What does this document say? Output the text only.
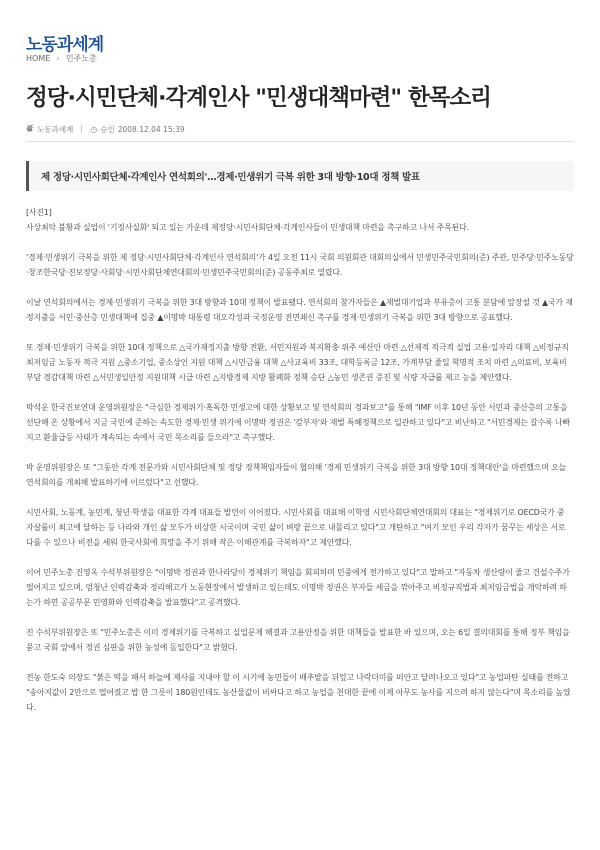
노동과세계
HOME › 민주노총
정당·시민단체·각계인사 "민생대책마련" 한목소리
⛇ 노동과세계 ◷ 승인 2008.12.04 15:39
제 정당·시민사회단체·각계인사 연석회의'…경제·민생위기 극복 위한 3대 방향·10대 정책 발표

[사진1]

사상최악 불황과 실업이 '기정사실화' 되고 있는 가운데 제정당·시민사회단체·각계인사들이 민생대책 마련을 촉구하고 나서 주목된다.

'경제·민생위기 극복을 위한 제 정당·시민사회단체·각계인사 연석회의'가 4일 오전 11시 국회 의원회관 대회의실에서 민생민주국민회의(준) 주관, 민주당·민주노동당·창조한국당·진보정당·사회당·시민사회단체연대회의·민생민주국민회의(준) 공동주최로 열렸다.

이날 연석회의에서는 경제·민생위기 극복을 위한 3대 방향과 10대 정책이 발표됐다. 연석회의 참가자들은 ▲재벌대기업과 부유층이 고통 분담에 앞장설 것 ▲국가 재정지출을 서민·중산층 민생대책에 집중 ▲이명박 대통령 대오각성과 국정운영 전면쇄신 촉구를 경제·민생위기 극복을 위한 3대 방향으로 공표했다.

또 경제·민생위기 극복을 위한 10대 정책으로 △국가재정지출 방향 전환, 서민지원과 복지확충 위주 예산안 마련 △선제적 적극적 실업 고용·일자리 대책 △비정규직 최저임금 노동자 적극 지원 △중소기업, 중소상인 지원 대책 △시민금융 대책 △사교육비 33조, 대학등록금 12조, 가계부담 줄일 혁명적 조치 마련 △의료비, 보육비 부담 경감대책 마련 △서민생일안정 지원대책 시급 마련 △지방경제 지방 활폐화 정책 승단 △농민 생존권 증진 및 식량 자급률 제고 능을 제안했다.

박석운 한국진보연대 운영위원장은 "극심한 경제위기·혹독한 민생고에 대한 상황보고 및 연석회의 경과보고"를 통해 "IMF 이후 10년 동안 서민과 중산층의 고통을 선단해 온 상황에서 지금 국민에 준하는 속도한 경제·민생 위기에 이명박 정권은 '감부자'와 재벌 특혜정책으로 일관하고 있다"고 비난하고 "서민경제는 갈수록 나빠지고 환율급등 사태가 계속되는 속에서 국민 목소리를 들으라"고 촉구했다.

박 운영위원장은 또 "그동안 각계 전문가와 시민사회단체 및 정당 정책책임자들이 협의해 '경제 민생위기 극복을 위한 3대 방향 10대 정책대안'을 마련했으며 오늘 연석회의를 개최해 발표하기에 이르렀다"고 선했다.

시민사회, 노동계, 농민계, 청년·학생을 대표한 각계 대표들 발언이 이어졌다. 시민사회를 대표해 이학영 시민사회단체연대회의 대표는 "경제위기로 OECD국가 중 자살률이 최고에 달하는 등 나라와 개인 삶 모두가 비상한 시국이며 국민 삶이 벼랑 끝으로 내몰리고 있다"고 개탄하고 "여기 모인 우리 각자가 꿈꾸는 세상은 서로 다를 수 있으나 비전을 세워 한국사회에 희망을 주기 위해 작은 이해관계를 극복하자"고 제안했다.

이어 민주노총 진영옥 수석부위원장은 "이명박 정권과 한나라당이 경제위기 책임을 회피하며 민중에게 전가하고 있다"고 말하고 "자동차 생산량이 줄고 건설수주가 떨어지고 있으며, 엄청난 인력감축과 정리해고가 노동현장에서 발생하고 있는데도 이명박 정권은 부자들 세금을 깎아주고 비정규직법과 최저임금법을 개악하려 하는가 하면 공공부문 민영화와 인력감축을 발표했다"고 공격했다.

진 수석부위원장은 또 "민주노총은 이미 경제위기를 극복하고 실업문제 해결과 고용안정을 위한 대책들을 발표한 바 있으며, 오는 6일 결의대회를 통해 정부 책임을 묻고 국회 앞에서 정권 심판을 위한 농성에 돌입한다"고 밝혔다.

전농 한도숙 의장도 "붉은 떡을 해서 하늘에 제사를 지내야 할 이 시기에 농민들이 배추밭을 뒤엎고 나락더미를 떠안고 달려나오고 있다"고 농업파탄 실태를 전하고 "송아지값이 2만으로 떨어졌고 밥 한 그릇이 180원인데도 농산물값이 비싸다고 하고 농업을 천대한 끝에 이제 아무도 농사를 지으려 하지 않는다"며 목소리를 높였다.
